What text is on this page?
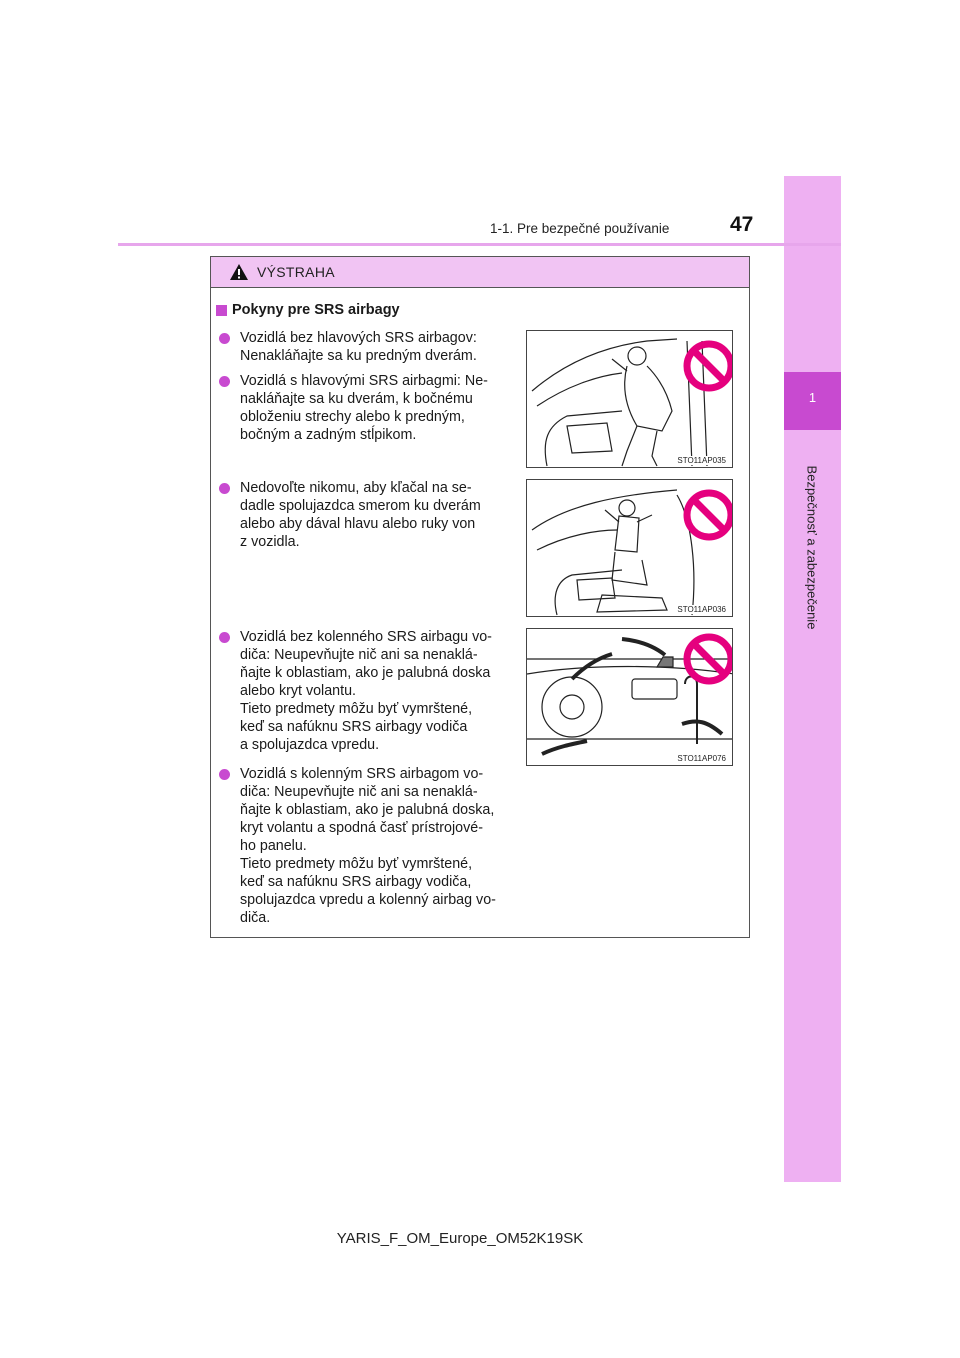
1
Bezpečnosť a zabezpečenie
1-1. Pre bezpečné používanie	47
VÝSTRAHA
Pokyny pre SRS airbagy
Vozidlá bez hlavových SRS airbagov:
Nenakláňajte sa ku predným dverám.
Vozidlá s hlavovými SRS airbagmi: Ne-
nakláňajte sa ku dverám, k bočnému
obloženiu strechy alebo k predným,
bočným a zadným stĺpikom.
Nedovoľte nikomu, aby kľačal na se-
dadle spolujazdca smerom ku dverám
alebo aby dával hlavu alebo ruky von
z vozidla.
Vozidlá bez kolenného SRS airbagu vo-
diča: Neupevňujte nič ani sa nenaklá-
ňajte k oblastiam, ako je palubná doska
alebo kryt volantu.
Tieto predmety môžu byť vymrštené,
keď sa nafúknu SRS airbagy vodiča
a spolujazdca vpredu.
Vozidlá s kolenným SRS airbagom vo-
diča: Neupevňujte nič ani sa nenaklá-
ňajte k oblastiam, ako je palubná doska,
kryt volantu a spodná časť prístrojové-
ho panelu.
Tieto predmety môžu byť vymrštené,
keď sa nafúknu SRS airbagy vodiča,
spolujazdca vpredu a kolenný airbag vo-
diča.
STO11AP035
STO11AP036
STO11AP076
YARIS_F_OM_Europe_OM52K19SK
